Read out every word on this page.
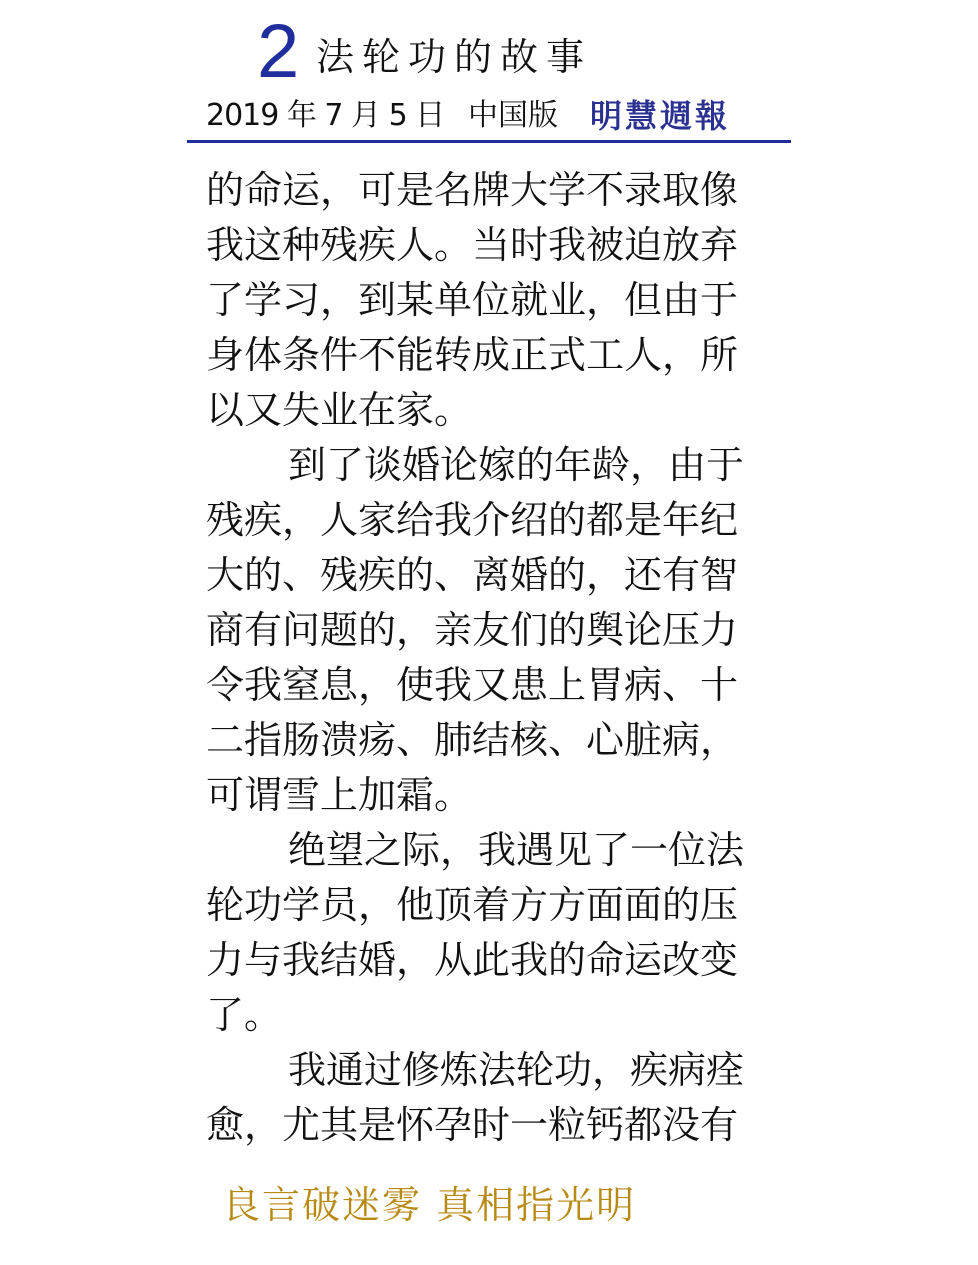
2 法轮功的故事
2019 年 7 月 5 日 中国版 明慧週報
的命运，可是名牌大学不录取像
我这种残疾人。当时我被迫放弃
了学习，到某单位就业，但由于
身体条件不能转成正式工人，所
以又失业在家。
到了谈婚论嫁的年龄，由于
残疾，人家给我介绍的都是年纪
大的、残疾的、离婚的，还有智
商有问题的，亲友们的舆论压力
令我窒息，使我又患上胃病、十
二指肠溃疡、肺结核、心脏病，
可谓雪上加霜。
绝望之际，我遇见了一位法
轮功学员，他顶着方方面面的压
力与我结婚，从此我的命运改变
了。
我通过修炼法轮功，疾病痊
愈，尤其是怀孕时一粒钙都没有
良言破迷雾 真相指光明
